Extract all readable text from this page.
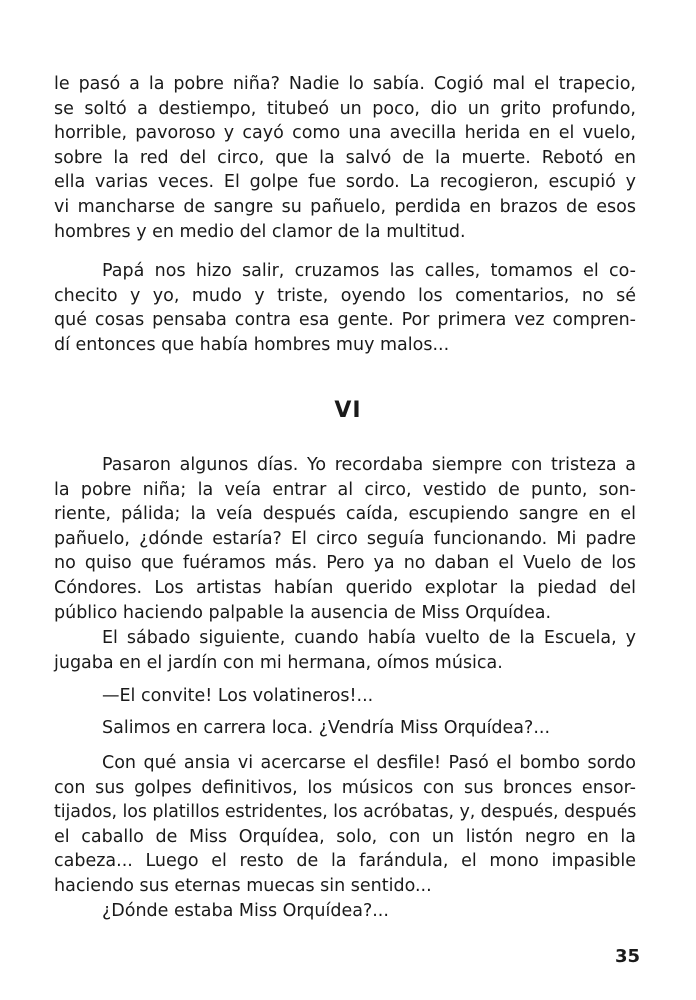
le pasó a la pobre niña? Nadie lo sabía. Cogió mal el trapecio,
se soltó a destiempo, titubeó un poco, dio un grito profundo,
horrible, pavoroso y cayó como una avecilla herida en el vuelo,
sobre la red del circo, que la salvó de la muerte. Rebotó en
ella varias veces. El golpe fue sordo. La recogieron, escupió y
vi mancharse de sangre su pañuelo, perdida en brazos de esos
hombres y en medio del clamor de la multitud.
Papá nos hizo salir, cruzamos las calles, tomamos el co-
checito y yo, mudo y triste, oyendo los comentarios, no sé
qué cosas pensaba contra esa gente. Por primera vez compren-
dí entonces que había hombres muy malos...
VI
Pasaron algunos días. Yo recordaba siempre con tristeza a
la pobre niña; la veía entrar al circo, vestido de punto, son-
riente, pálida; la veía después caída, escupiendo sangre en el
pañuelo, ¿dónde estaría? El circo seguía funcionando. Mi padre
no quiso que fuéramos más. Pero ya no daban el Vuelo de los
Cóndores. Los artistas habían querido explotar la piedad del
público haciendo palpable la ausencia de Miss Orquídea.
El sábado siguiente, cuando había vuelto de la Escuela, y
jugaba en el jardín con mi hermana, oímos música.
—El convite! Los volatineros!...
Salimos en carrera loca. ¿Vendría Miss Orquídea?...
Con qué ansia vi acercarse el desfile! Pasó el bombo sordo
con sus golpes definitivos, los músicos con sus bronces ensor-
tijados, los platillos estridentes, los acróbatas, y, después, después
el caballo de Miss Orquídea, solo, con un listón negro en la
cabeza... Luego el resto de la farándula, el mono impasible
haciendo sus eternas muecas sin sentido...
¿Dónde estaba Miss Orquídea?...
35
